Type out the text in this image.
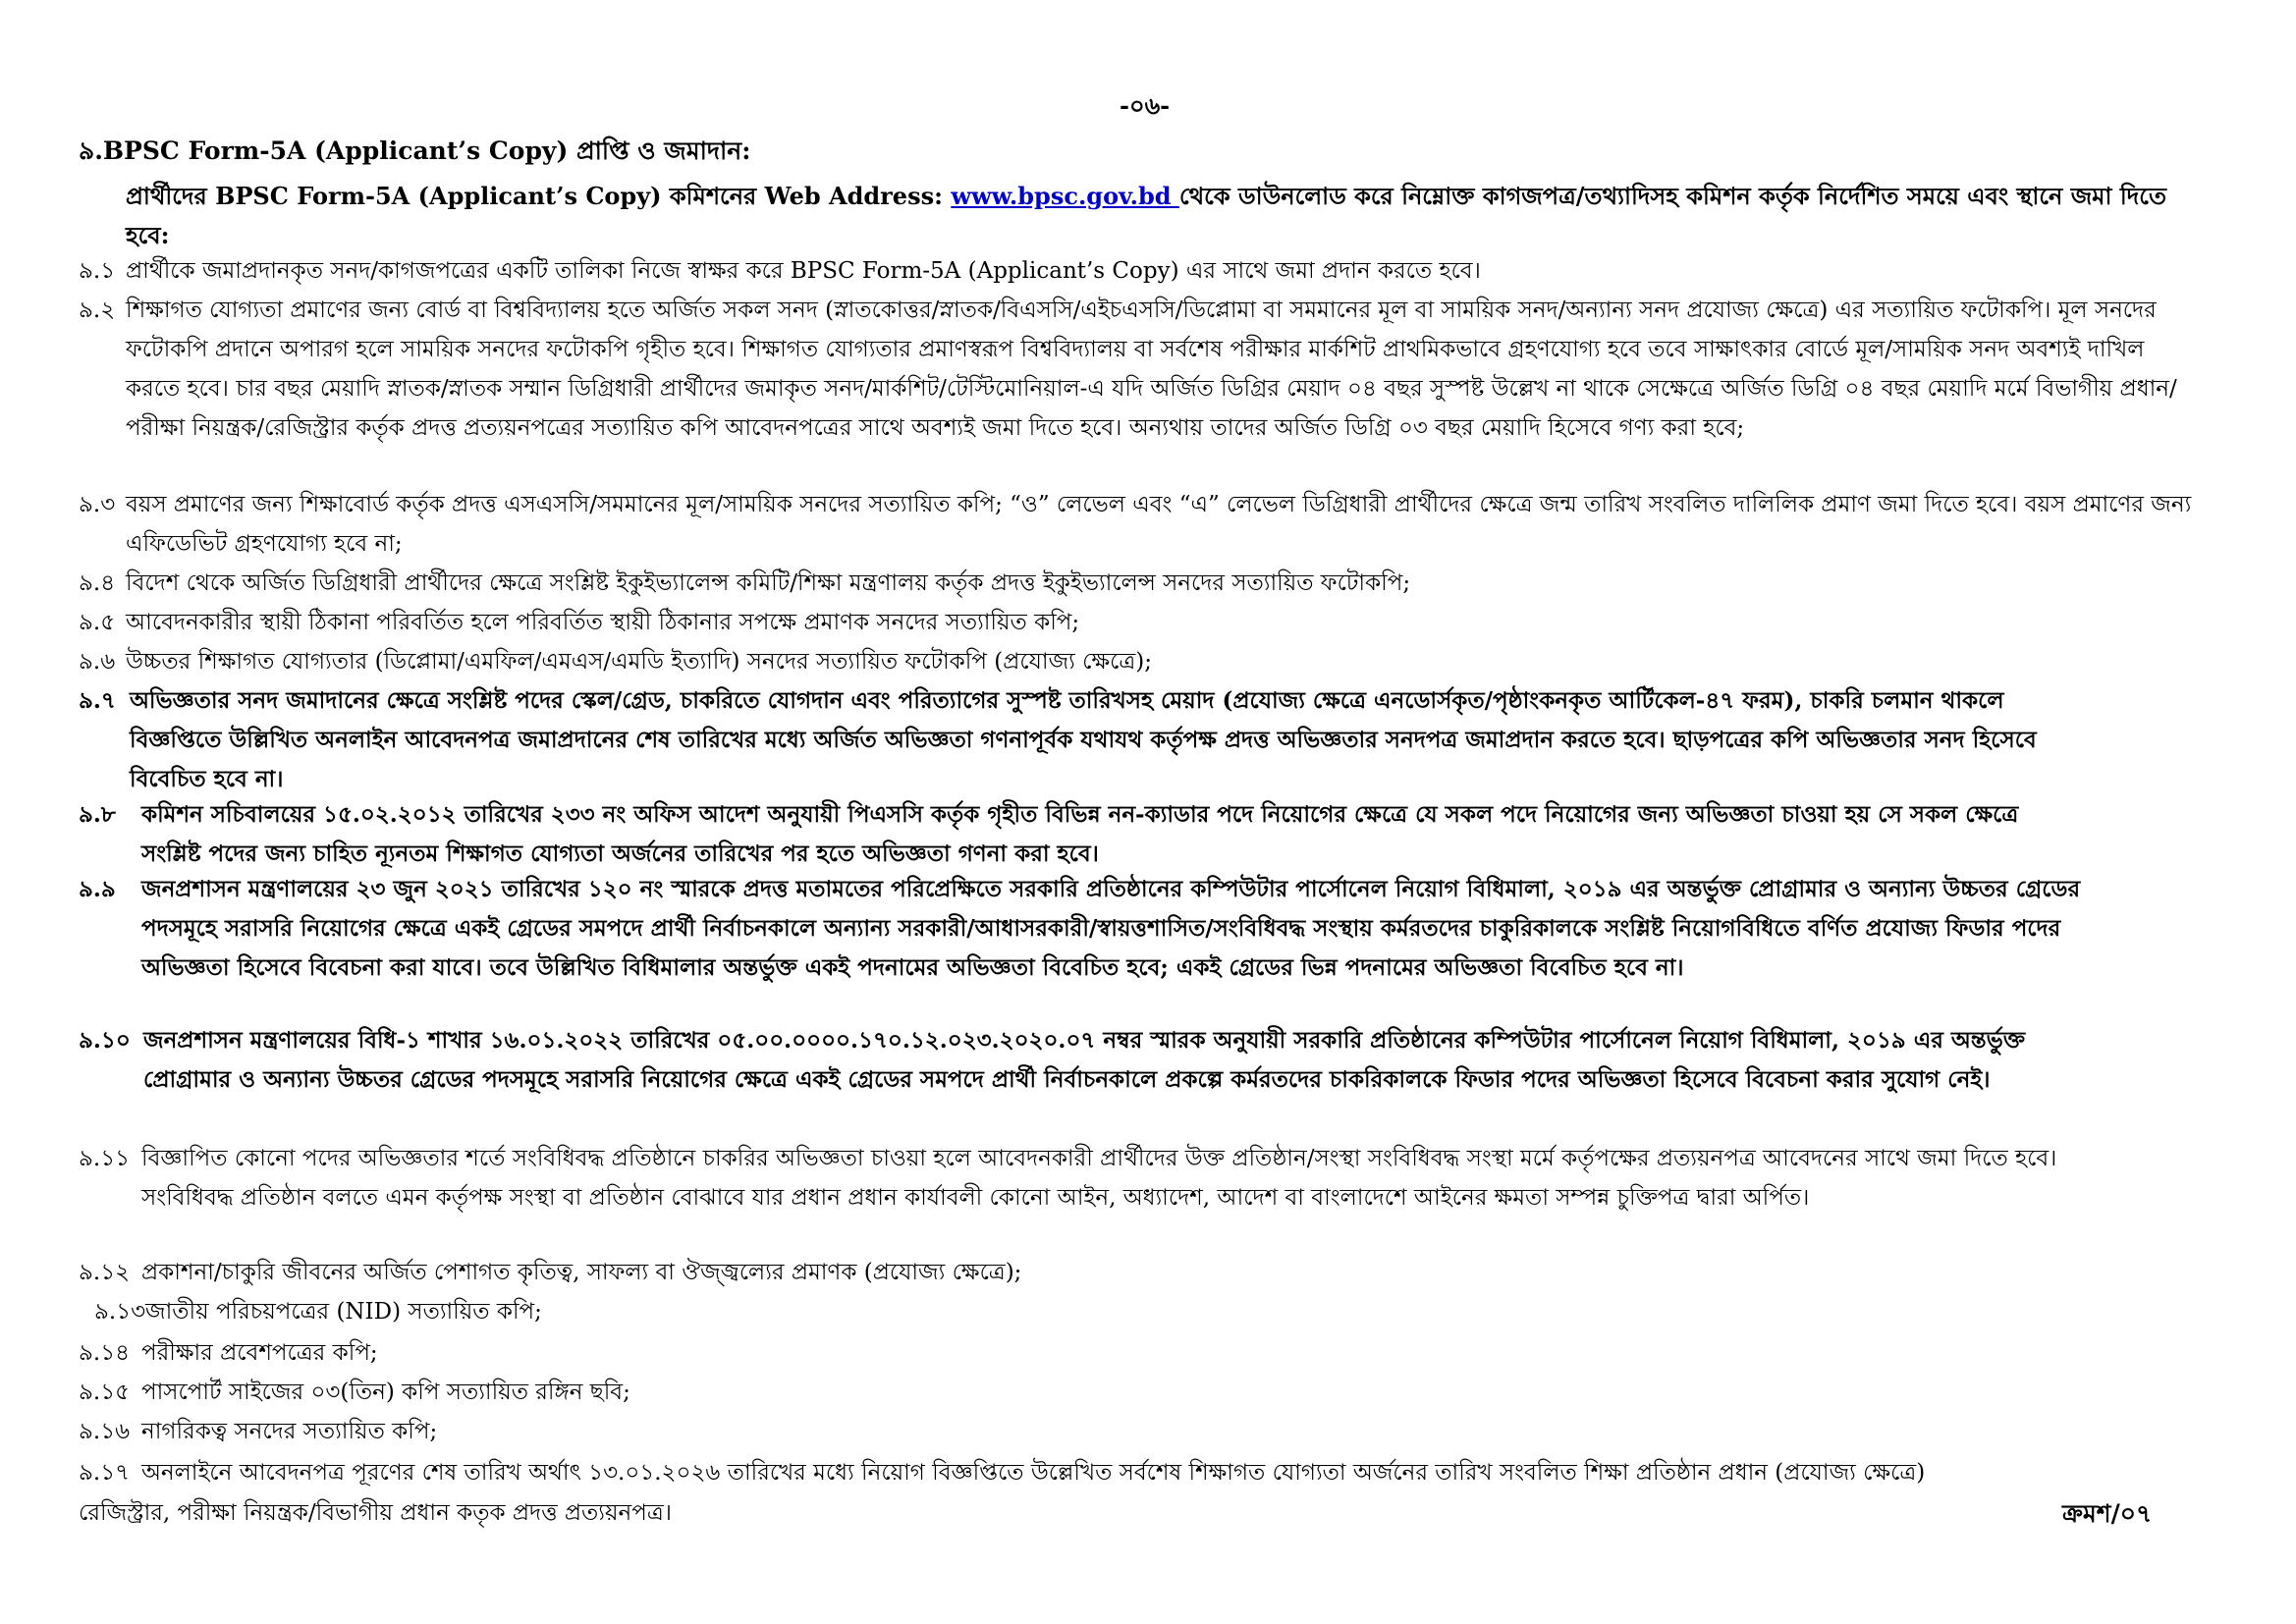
-০৬-
৯.BPSC Form-5A (Applicant’s Copy) প্রাপ্তি ও জমাদান:
প্রার্থীদের BPSC Form-5A (Applicant’s Copy) কমিশনের Web Address: www.bpsc.gov.bd থেকে ডাউনলোড করে নিম্নোক্ত কাগজপত্র/তথ্যাদিসহ কমিশন কর্তৃক নির্দেশিত সময়ে এবং স্থানে জমা দিতে হবে:
৯.১ প্রার্থীকে জমাপ্রদানকৃত সনদ/কাগজপত্রের একটি তালিকা নিজে স্বাক্ষর করে BPSC Form-5A (Applicant’s Copy) এর সাথে জমা প্রদান করতে হবে।
৯.২ শিক্ষাগত যোগ্যতা প্রমাণের জন্য বোর্ড বা বিশ্ববিদ্যালয় হতে অর্জিত সকল সনদ (স্নাতকোত্তর/স্নাতক/বিএসসি/এইচএসসি/ডিপ্লোমা বা সমমানের মূল বা সাময়িক সনদ/অন্যান্য সনদ প্রযোজ্য ক্ষেত্রে) এর সত্যায়িত ফটোকপি। মূল সনদের ফটোকপি প্রদানে অপারগ হলে সাময়িক সনদের ফটোকপি গৃহীত হবে। শিক্ষাগত যোগ্যতার প্রমাণস্বরূপ বিশ্ববিদ্যালয় বা সর্বশেষ পরীক্ষার মার্কশিট প্রাথমিকভাবে গ্রহণযোগ্য হবে তবে সাক্ষাৎকার বোর্ডে মূল/সাময়িক সনদ অবশ্যই দাখিল করতে হবে। চার বছর মেয়াদি স্নাতক/স্নাতক সম্মান ডিগ্রিধারী প্রার্থীদের জমাকৃত সনদ/মার্কশিট/টেস্টিমোনিয়াল-এ যদি অর্জিত ডিগ্রির মেয়াদ ০৪ বছর সুস্পষ্ট উল্লেখ না থাকে সেক্ষেত্রে অর্জিত ডিগ্রি ০৪ বছর মেয়াদি মর্মে বিভাগীয় প্রধান/পরীক্ষা নিয়ন্ত্রক/রেজিস্ট্রার কর্তৃক প্রদত্ত প্রত্যয়নপত্রের সত্যায়িত কপি আবেদনপত্রের সাথে অবশ্যই জমা দিতে হবে। অন্যথায় তাদের অর্জিত ডিগ্রি ০৩ বছর মেয়াদি হিসেবে গণ্য করা হবে;
৯.৩ বয়স প্রমাণের জন্য শিক্ষাবোর্ড কর্তৃক প্রদত্ত এসএসসি/সমমানের মূল/সাময়িক সনদের সত্যায়িত কপি; “ও” লেভেল এবং “এ” লেভেল ডিগ্রিধারী প্রার্থীদের ক্ষেত্রে জন্ম তারিখ সংবলিত দালিলিক প্রমাণ জমা দিতে হবে। বয়স প্রমাণের জন্য এফিডেভিট গ্রহণযোগ্য হবে না;
৯.৪ বিদেশ থেকে অর্জিত ডিগ্রিধারী প্রার্থীদের ক্ষেত্রে সংশ্লিষ্ট ইকুইভ্যালেন্স কমিটি/শিক্ষা মন্ত্রণালয় কর্তৃক প্রদত্ত ইকুইভ্যালেন্স সনদের সত্যায়িত ফটোকপি;
৯.৫ আবেদনকারীর স্থায়ী ঠিকানা পরিবর্তিত হলে পরিবর্তিত স্থায়ী ঠিকানার সপক্ষে প্রমাণক সনদের সত্যায়িত কপি;
৯.৬ উচ্চতর শিক্ষাগত যোগ্যতার (ডিপ্লোমা/এমফিল/এমএস/এমডি ইত্যাদি) সনদের সত্যায়িত ফটোকপি (প্রযোজ্য ক্ষেত্রে);
৯.৭ অভিজ্ঞতার সনদ জমাদানের ক্ষেত্রে সংশ্লিষ্ট পদের স্কেল/গ্রেড, চাকরিতে যোগদান এবং পরিত্যাগের সুস্পষ্ট তারিখসহ মেয়াদ (প্রযোজ্য ক্ষেত্রে এনডোর্সকৃত/পৃষ্ঠাংকনকৃত আর্টিকেল-৪৭ ফরম), চাকরি চলমান থাকলে বিজ্ঞপ্তিতে উল্লিখিত অনলাইন আবেদনপত্র জমাপ্রদানের শেষ তারিখের মধ্যে অর্জিত অভিজ্ঞতা গণনাপূর্বক যথাযথ কর্তৃপক্ষ প্রদত্ত অভিজ্ঞতার সনদপত্র জমাপ্রদান করতে হবে। ছাড়পত্রের কপি অভিজ্ঞতার সনদ হিসেবে বিবেচিত হবে না।
৯.৮	কমিশন সচিবালয়ের ১৫.০২.২০১২ তারিখের ২৩৩ নং অফিস আদেশ অনুযায়ী পিএসসি কর্তৃক গৃহীত বিভিন্ন নন-ক্যাডার পদে নিয়োগের ক্ষেত্রে যে সকল পদে নিয়োগের জন্য অভিজ্ঞতা চাওয়া হয় সে সকল ক্ষেত্রে সংশ্লিষ্ট পদের জন্য চাহিত ন্যূনতম শিক্ষাগত যোগ্যতা অর্জনের তারিখের পর হতে অভিজ্ঞতা গণনা করা হবে।
৯.৯	জনপ্রশাসন মন্ত্রণালয়ের ২৩ জুন ২০২১ তারিখের ১২০ নং স্মারকে প্রদত্ত মতামতের পরিপ্রেক্ষিতে সরকারি প্রতিষ্ঠানের কম্পিউটার পার্সোনেল নিয়োগ বিধিমালা, ২০১৯ এর অন্তর্ভুক্ত প্রোগ্রামার ও অন্যান্য উচ্চতর গ্রেডের পদসমূহে সরাসরি নিয়োগের ক্ষেত্রে একই গ্রেডের সমপদে প্রার্থী নির্বাচনকালে অন্যান্য সরকারী/আধাসরকারী/স্বায়ত্তশাসিত/সংবিধিবদ্ধ সংস্থায় কর্মরতদের চাকুরিকালকে সংশ্লিষ্ট নিয়োগবিধিতে বর্ণিত প্রযোজ্য ফিডার পদের অভিজ্ঞতা হিসেবে বিবেচনা করা যাবে। তবে উল্লিখিত বিধিমালার অন্তর্ভুক্ত একই পদনামের অভিজ্ঞতা বিবেচিত হবে; একই গ্রেডের ভিন্ন পদনামের অভিজ্ঞতা বিবেচিত হবে না।
৯.১০ জনপ্রশাসন মন্ত্রণালয়ের বিধি-১ শাখার ১৬.০১.২০২২ তারিখের ০৫.০০.০০০০.১৭০.১২.০২৩.২০২০.০৭ নম্বর স্মারক অনুযায়ী সরকারি প্রতিষ্ঠানের কম্পিউটার পার্সোনেল নিয়োগ বিধিমালা, ২০১৯ এর অন্তর্ভুক্ত প্রোগ্রামার ও অন্যান্য উচ্চতর গ্রেডের পদসমূহে সরাসরি নিয়োগের ক্ষেত্রে একই গ্রেডের সমপদে প্রার্থী নির্বাচনকালে প্রকল্পে কর্মরতদের চাকরিকালকে ফিডার পদের অভিজ্ঞতা হিসেবে বিবেচনা করার সুযোগ নেই।
৯.১১ বিজ্ঞাপিত কোনো পদের অভিজ্ঞতার শর্তে সংবিধিবদ্ধ প্রতিষ্ঠানে চাকরির অভিজ্ঞতা চাওয়া হলে আবেদনকারী প্রার্থীদের উক্ত প্রতিষ্ঠান/সংস্থা সংবিধিবদ্ধ সংস্থা মর্মে কর্তৃপক্ষের প্রত্যয়নপত্র আবেদনের সাথে জমা দিতে হবে। সংবিধিবদ্ধ প্রতিষ্ঠান বলতে এমন কর্তৃপক্ষ সংস্থা বা প্রতিষ্ঠান বোঝাবে যার প্রধান প্রধান কার্যাবলী কোনো আইন, অধ্যাদেশ, আদেশ বা বাংলাদেশে আইনের ক্ষমতা সম্পন্ন চুক্তিপত্র দ্বারা অর্পিত।
৯.১২ প্রকাশনা/চাকুরি জীবনের অর্জিত পেশাগত কৃতিত্ব, সাফল্য বা ঔজ্জ্বল্যের প্রমাণক (প্রযোজ্য ক্ষেত্রে);
৯.১৩ জাতীয় পরিচয়পত্রের (NID) সত্যায়িত কপি;
৯.১৪ পরীক্ষার প্রবেশপত্রের কপি;
৯.১৫ পাসপোর্ট সাইজের ০৩(তিন) কপি সত্যায়িত রঙ্গিন ছবি;
৯.১৬ নাগরিকত্ব সনদের সত্যায়িত কপি;
৯.১৭ অনলাইনে আবেদনপত্র পূরণের শেষ তারিখ অর্থাৎ ১৩.০১.২০২৬ তারিখের মধ্যে নিয়োগ বিজ্ঞপ্তিতে উল্লেখিত সর্বশেষ শিক্ষাগত যোগ্যতা অর্জনের তারিখ সংবলিত শিক্ষা প্রতিষ্ঠান প্রধান (প্রযোজ্য ক্ষেত্রে)
রেজিস্ট্রার, পরীক্ষা নিয়ন্ত্রক/বিভাগীয় প্রধান কতৃক প্রদত্ত প্রত্যয়নপত্র।	ক্রমশ/০৭
